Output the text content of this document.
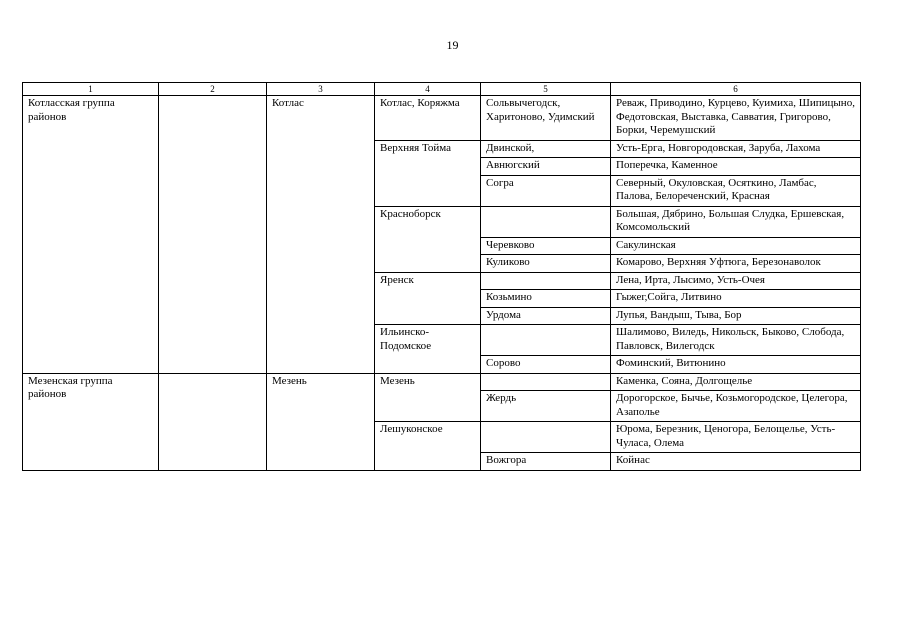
19
1	2	3	4	5	6
Котласская группа районов		Котлас	Котлас, Коряжма	Сольвычегодск, Харитоново, Удимский	Реваж, Приводино, Курцево, Куимиха, Шипицыно, Федотовская, Выставка, Савватия, Григорово, Борки, Черемушский
			Верхняя Тойма	Двинской,	Усть-Ерга, Новгородовская, Заруба, Лахома
				Авнюгский	Поперечка, Каменное
				Согра	Северный, Окуловская, Осяткино, Ламбас, Палова, Белореченский, Красная
			Красноборск		Большая, Дябрино, Большая Слудка, Ершевская, Комсомольский
				Черевково	Сакулинская
				Куликово	Комарово, Верхняя Уфтюга, Березонаволок
			Яренск		Лена, Ирта, Лысимо, Усть-Очея
				Козьмино	Гыжег,Сойга, Литвино
				Урдома	Лупья, Вандыш, Тыва, Бор
			Ильинско-Подомское		Шалимово, Виледь, Никольск, Быково, Слобода, Павловск, Вилегодск
				Сорово	Фоминский, Витюнино
Мезенская группа районов		Мезень	Мезень		Каменка, Сояна, Долгощелье
				Жердь	Дорогорское, Бычье, Козьмогородское, Целегора, Азаполье
			Лешуконское		Юрома, Березник, Ценогора, Белощелье, Усть-Чуласа, Олема
				Вожгора	Койнас
